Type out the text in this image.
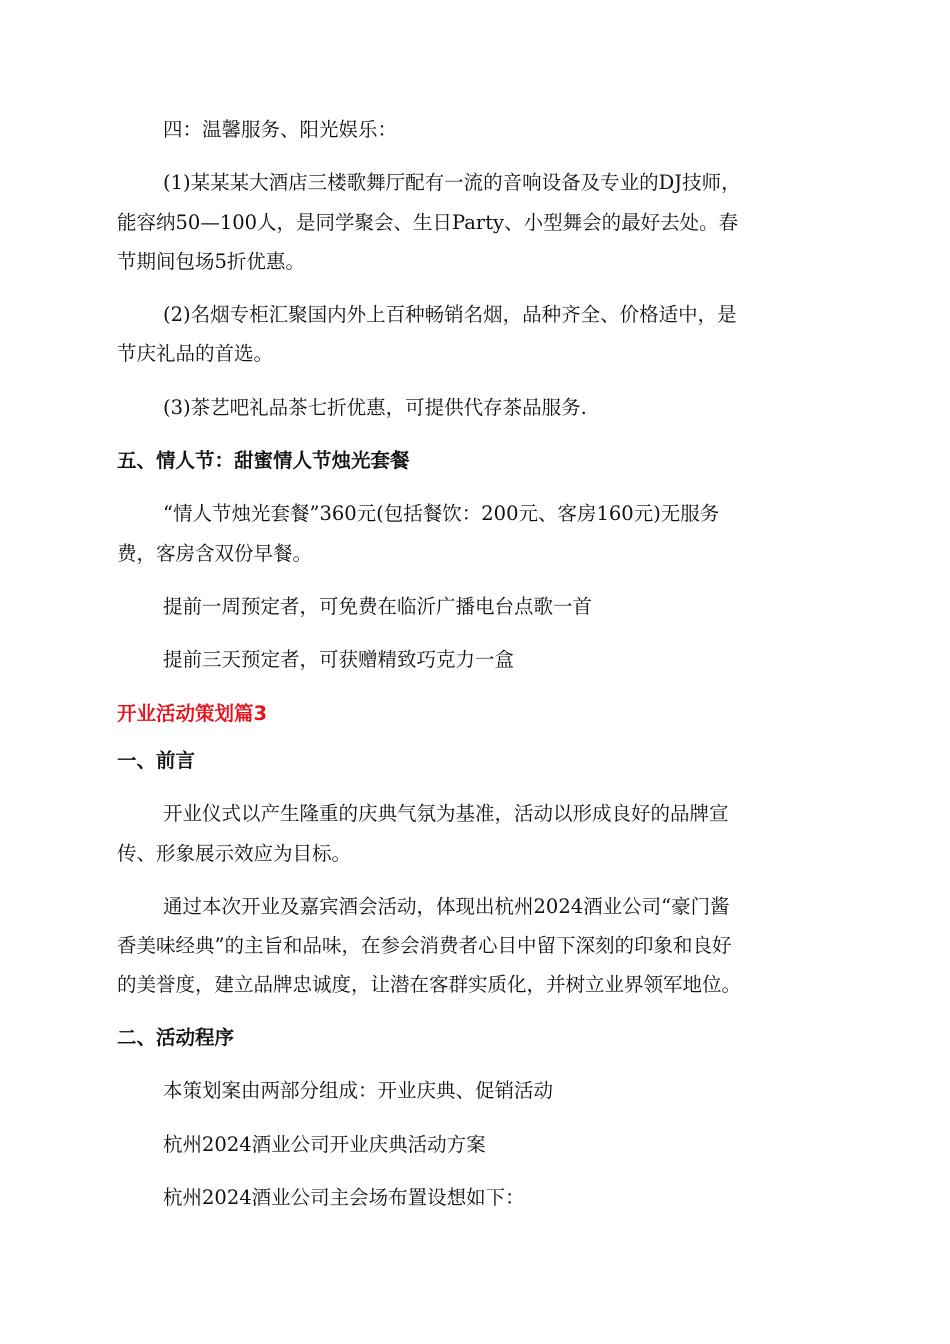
四：温馨服务、阳光娱乐：
(1)某某某大酒店三楼歌舞厅配有一流的音响设备及专业的DJ技师，
能容纳50—100人，是同学聚会、生日Party、小型舞会的最好去处。春
节期间包场5折优惠。
(2)名烟专柜汇聚国内外上百种畅销名烟，品种齐全、价格适中，是
节庆礼品的首选。
(3)茶艺吧礼品茶七折优惠，可提供代存茶品服务.
五、情人节：甜蜜情人节烛光套餐
“情人节烛光套餐”360元(包括餐饮：200元、客房160元)无服务
费，客房含双份早餐。
提前一周预定者，可免费在临沂广播电台点歌一首
提前三天预定者，可获赠精致巧克力一盒
开业活动策划篇3
一、前言
开业仪式以产生隆重的庆典气氛为基准，活动以形成良好的品牌宣
传、形象展示效应为目标。
通过本次开业及嘉宾酒会活动，体现出杭州2024酒业公司“豪门酱
香美味经典”的主旨和品味，在参会消费者心目中留下深刻的印象和良好
的美誉度，建立品牌忠诚度，让潜在客群实质化，并树立业界领军地位。
二、活动程序
本策划案由两部分组成：开业庆典、促销活动
杭州2024酒业公司开业庆典活动方案
杭州2024酒业公司主会场布置设想如下：
